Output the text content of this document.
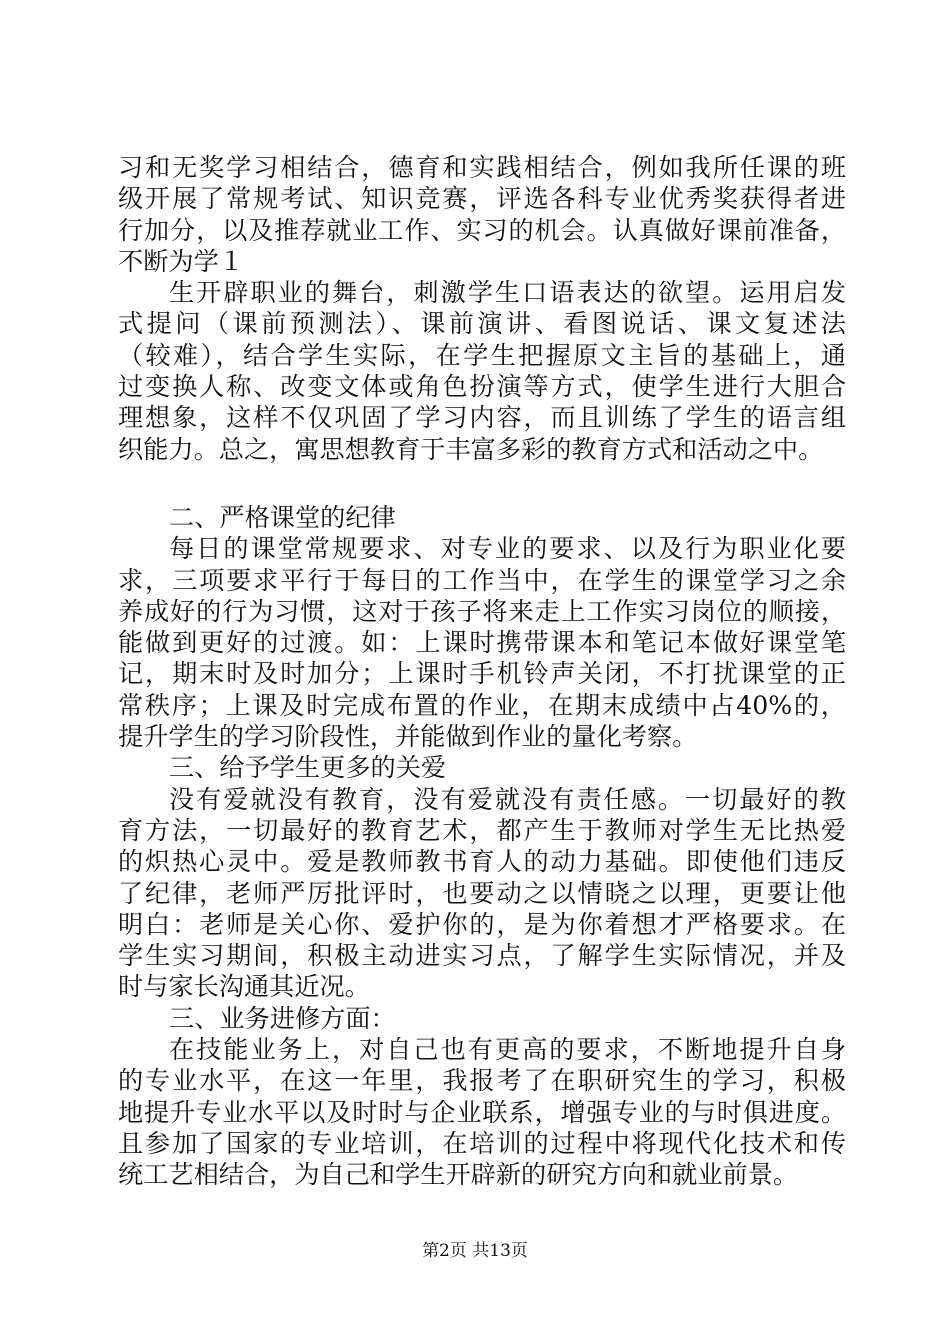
习和无奖学习相结合，德育和实践相结合，例如我所任课的班
级开展了常规考试、知识竞赛，评选各科专业优秀奖获得者进
行加分，以及推荐就业工作、实习的机会。认真做好课前准备，
不断为学１
生开辟职业的舞台，刺激学生口语表达的欲望。运用启发
式提问（课前预测法）、课前演讲、看图说话、课文复述法
（较难），结合学生实际，在学生把握原文主旨的基础上，通
过变换人称、改变文体或角色扮演等方式，使学生进行大胆合
理想象，这样不仅巩固了学习内容，而且训练了学生的语言组
织能力。总之，寓思想教育于丰富多彩的教育方式和活动之中。
二、严格课堂的纪律
每日的课堂常规要求、对专业的要求、以及行为职业化要
求，三项要求平行于每日的工作当中，在学生的课堂学习之余
养成好的行为习惯，这对于孩子将来走上工作实习岗位的顺接，
能做到更好的过渡。如：上课时携带课本和笔记本做好课堂笔
记，期末时及时加分；上课时手机铃声关闭，不打扰课堂的正
常秩序；上课及时完成布置的作业，在期末成绩中占40%的，
提升学生的学习阶段性，并能做到作业的量化考察。
三、给予学生更多的关爱
没有爱就没有教育，没有爱就没有责任感。一切最好的教
育方法，一切最好的教育艺术，都产生于教师对学生无比热爱
的炽热心灵中。爱是教师教书育人的动力基础。即使他们违反
了纪律，老师严厉批评时，也要动之以情晓之以理，更要让他
明白：老师是关心你、爱护你的，是为你着想才严格要求。在
学生实习期间，积极主动进实习点，了解学生实际情况，并及
时与家长沟通其近况。
三、业务进修方面：
在技能业务上，对自己也有更高的要求，不断地提升自身
的专业水平，在这一年里，我报考了在职研究生的学习，积极
地提升专业水平以及时时与企业联系，增强专业的与时俱进度。
且参加了国家的专业培训，在培训的过程中将现代化技术和传
统工艺相结合，为自己和学生开辟新的研究方向和就业前景。
第2页 共13页
